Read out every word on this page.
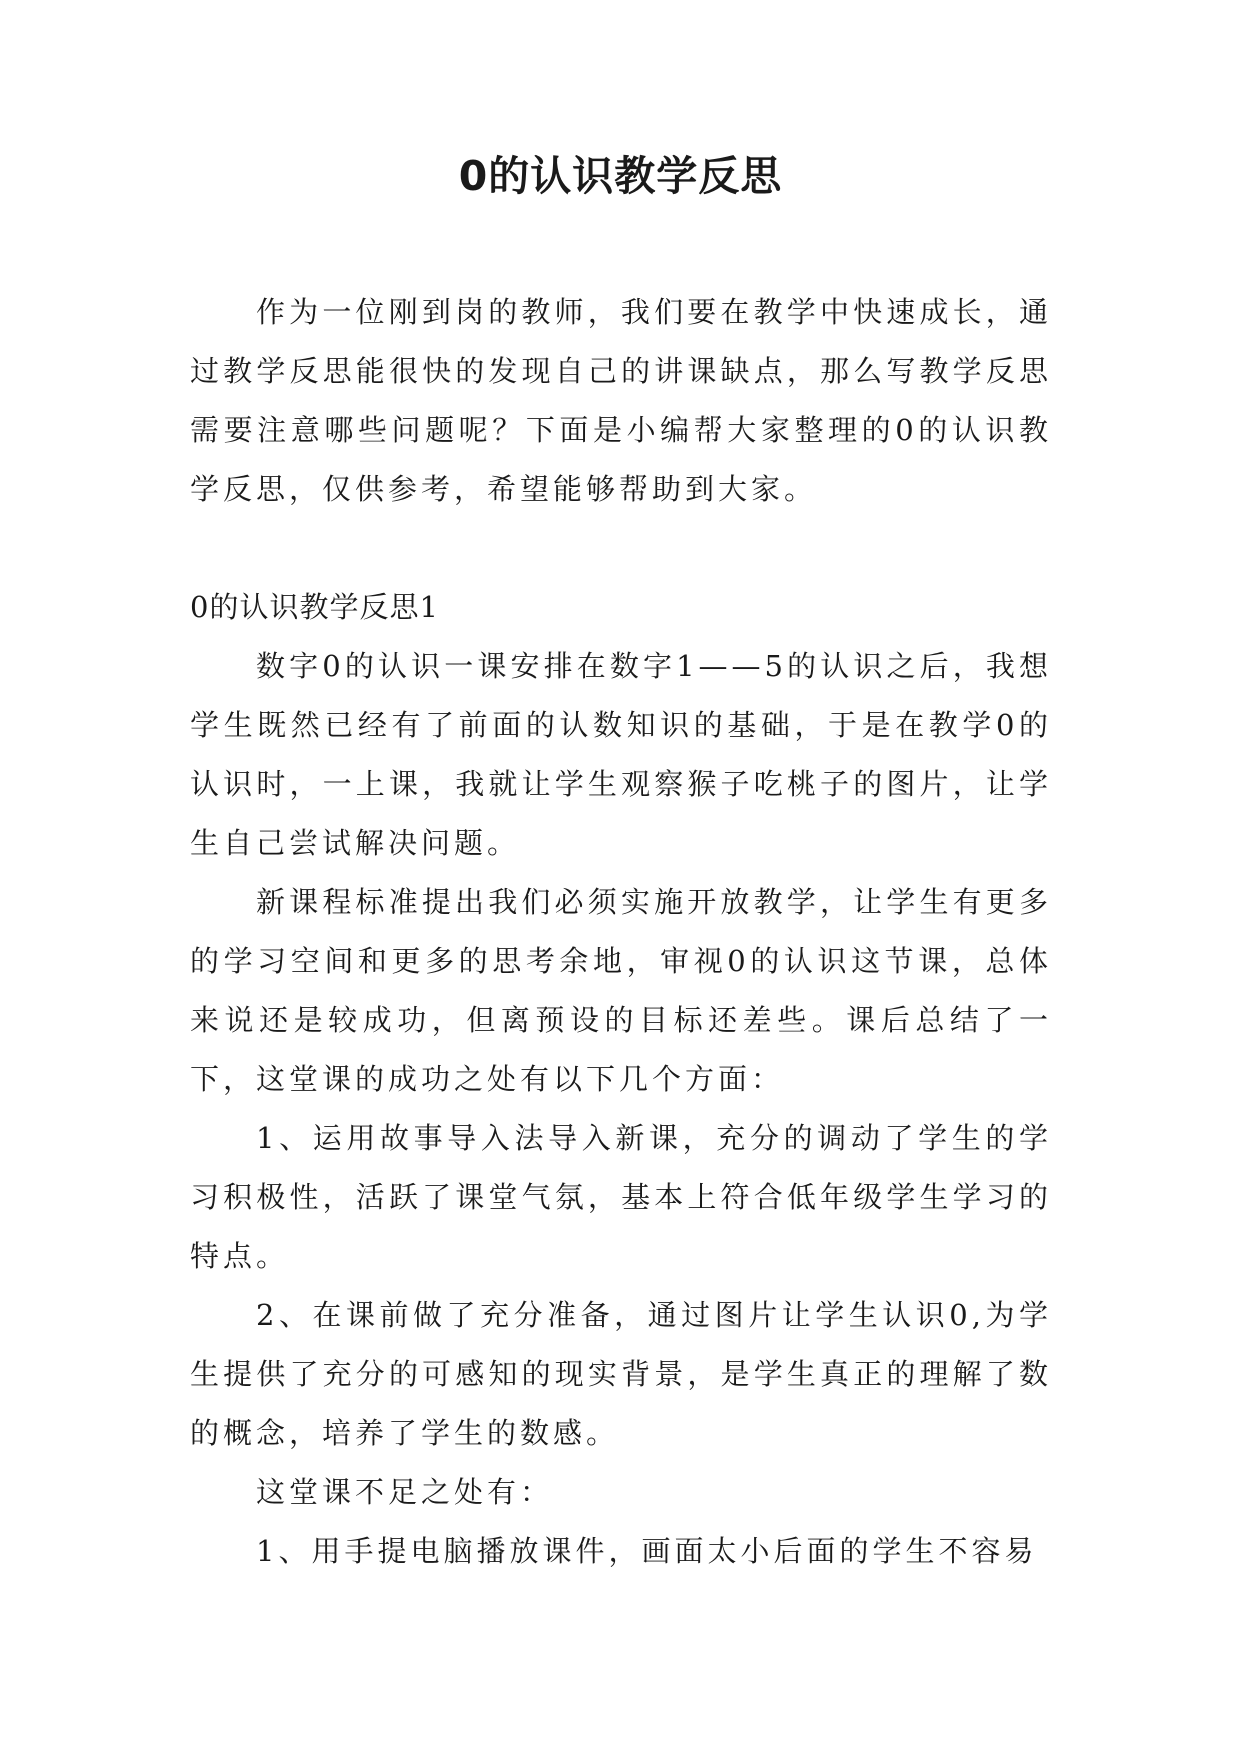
0的认识教学反思

作为一位刚到岗的教师，我们要在教学中快速成长，通过教学反思能很快的发现自己的讲课缺点，那么写教学反思需要注意哪些问题呢？下面是小编帮大家整理的0的认识教学反思，仅供参考，希望能够帮助到大家。

0的认识教学反思1

数字0的认识一课安排在数字1——5的认识之后，我想学生既然已经有了前面的认数知识的基础，于是在教学0的认识时，一上课，我就让学生观察猴子吃桃子的图片，让学生自己尝试解决问题。

新课程标准提出我们必须实施开放教学，让学生有更多的学习空间和更多的思考余地，审视0的认识这节课，总体来说还是较成功，但离预设的目标还差些。课后总结了一下，这堂课的成功之处有以下几个方面：

1、运用故事导入法导入新课，充分的调动了学生的学习积极性，活跃了课堂气氛，基本上符合低年级学生学习的特点。

2、在课前做了充分准备，通过图片让学生认识0,为学生提供了充分的可感知的现实背景，是学生真正的理解了数的概念，培养了学生的数感。

这堂课不足之处有：

1、用手提电脑播放课件，画面太小后面的学生不容易
